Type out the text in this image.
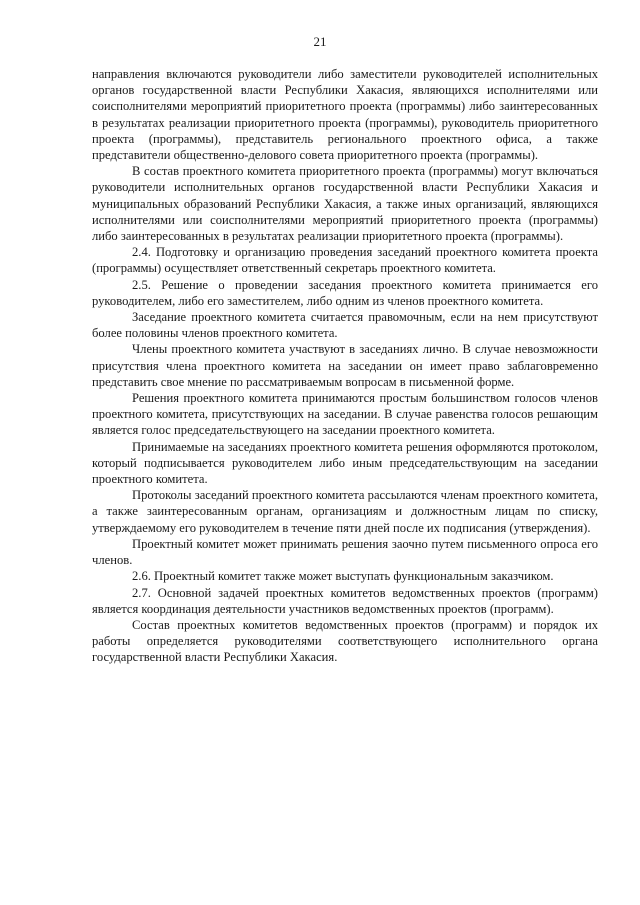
21

направления включаются руководители либо заместители руководителей исполнительных органов государственной власти Республики Хакасия, являющихся исполнителями или соисполнителями мероприятий приоритетного проекта (программы) либо заинтересованных в результатах реализации приоритетного проекта (программы), руководитель приоритетного проекта (программы), представитель регионального проектного офиса, а также представители общественно-делового совета приоритетного проекта (программы).

В состав проектного комитета приоритетного проекта (программы) могут включаться руководители исполнительных органов государственной власти Республики Хакасия и муниципальных образований Республики Хакасия, а также иных организаций, являющихся исполнителями или соисполнителями мероприятий приоритетного проекта (программы) либо заинтересованных в результатах реализации приоритетного проекта (программы).

2.4. Подготовку и организацию проведения заседаний проектного комитета проекта (программы) осуществляет ответственный секретарь проектного комитета.

2.5. Решение о проведении заседания проектного комитета принимается его руководителем, либо его заместителем, либо одним из членов проектного комитета.

Заседание проектного комитета считается правомочным, если на нем присутствуют более половины членов проектного комитета.

Члены проектного комитета участвуют в заседаниях лично. В случае невозможности присутствия члена проектного комитета на заседании он имеет право заблаговременно представить свое мнение по рассматриваемым вопросам в письменной форме.

Решения проектного комитета принимаются простым большинством голосов членов проектного комитета, присутствующих на заседании. В случае равенства голосов решающим является голос председательствующего на заседании проектного комитета.

Принимаемые на заседаниях проектного комитета решения оформляются протоколом, который подписывается руководителем либо иным председательствующим на заседании проектного комитета.

Протоколы заседаний проектного комитета рассылаются членам проектного комитета, а также заинтересованным органам, организациям и должностным лицам по списку, утверждаемому его руководителем в течение пяти дней после их подписания (утверждения).

Проектный комитет может принимать решения заочно путем письменного опроса его членов.

2.6. Проектный комитет также может выступать функциональным заказчиком.

2.7. Основной задачей проектных комитетов ведомственных проектов (программ) является координация деятельности участников ведомственных проектов (программ).

Состав проектных комитетов ведомственных проектов (программ) и порядок их работы определяется руководителями соответствующего исполнительного органа государственной власти Республики Хакасия.
